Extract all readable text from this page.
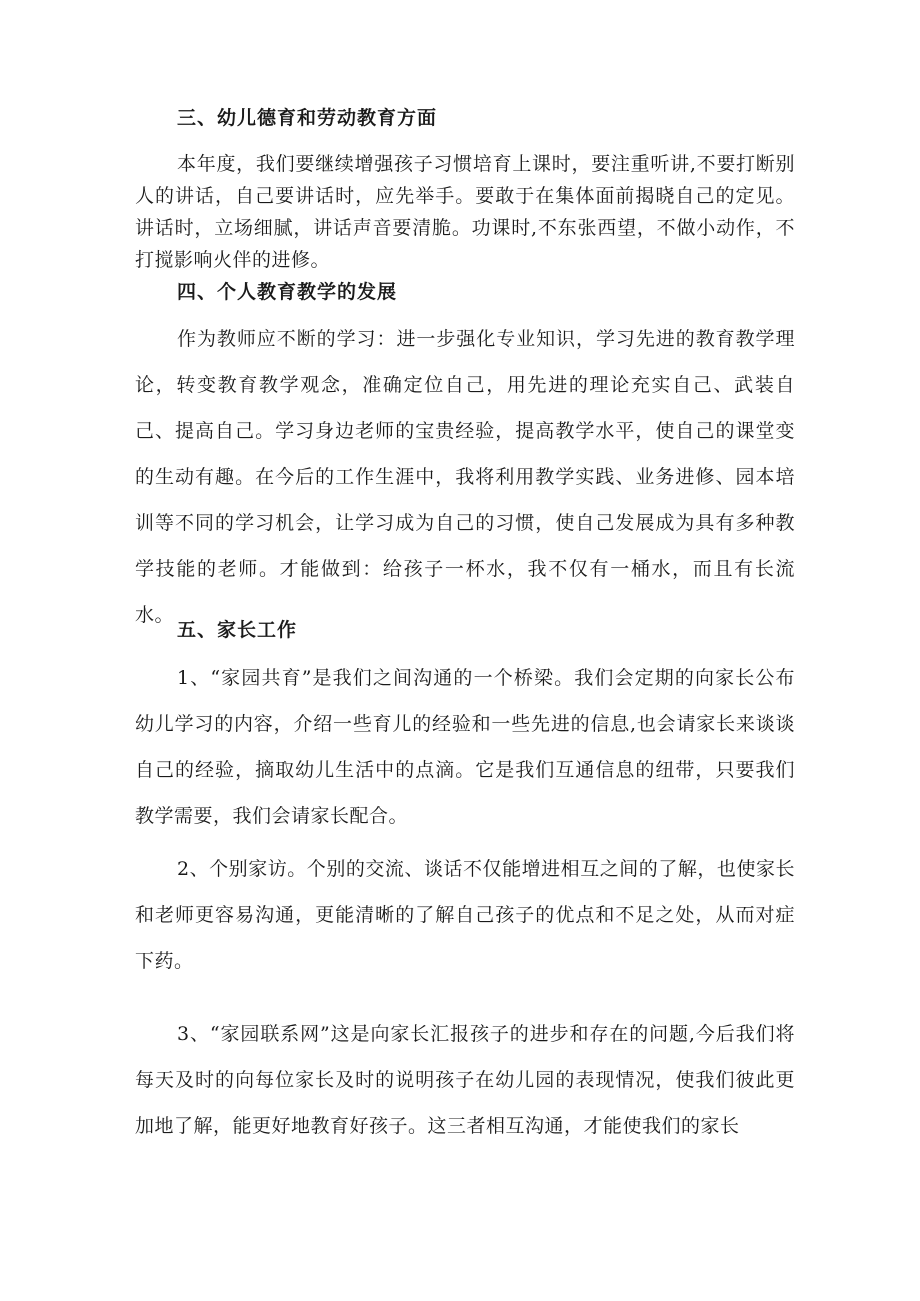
三、幼儿德育和劳动教育方面
本年度，我们要继续增强孩子习惯培育上课时，要注重听讲,不要打断别人的讲话，自己要讲话时，应先举手。要敢于在集体面前揭晓自己的定见。讲话时，立场细腻，讲话声音要清脆。功课时,不东张西望，不做小动作，不打搅影响火伴的进修。
四、个人教育教学的发展
作为教师应不断的学习：进一步强化专业知识，学习先进的教育教学理论，转变教育教学观念，准确定位自己，用先进的理论充实自己、武装自己、提高自己。学习身边老师的宝贵经验，提高教学水平，使自己的课堂变的生动有趣。在今后的工作生涯中，我将利用教学实践、业务进修、园本培训等不同的学习机会，让学习成为自己的习惯，使自己发展成为具有多种教学技能的老师。才能做到：给孩子一杯水，我不仅有一桶水，而且有长流水。
五、家长工作
1、“家园共育”是我们之间沟通的一个桥梁。我们会定期的向家长公布幼儿学习的内容，介绍一些育儿的经验和一些先进的信息,也会请家长来谈谈自己的经验，摘取幼儿生活中的点滴。它是我们互通信息的纽带，只要我们教学需要，我们会请家长配合。
2、个别家访。个别的交流、谈话不仅能增进相互之间的了解，也使家长和老师更容易沟通，更能清晰的了解自己孩子的优点和不足之处，从而对症下药。
3、“家园联系网”这是向家长汇报孩子的进步和存在的问题,今后我们将每天及时的向每位家长及时的说明孩子在幼儿园的表现情况，使我们彼此更加地了解，能更好地教育好孩子。这三者相互沟通，才能使我们的家长
